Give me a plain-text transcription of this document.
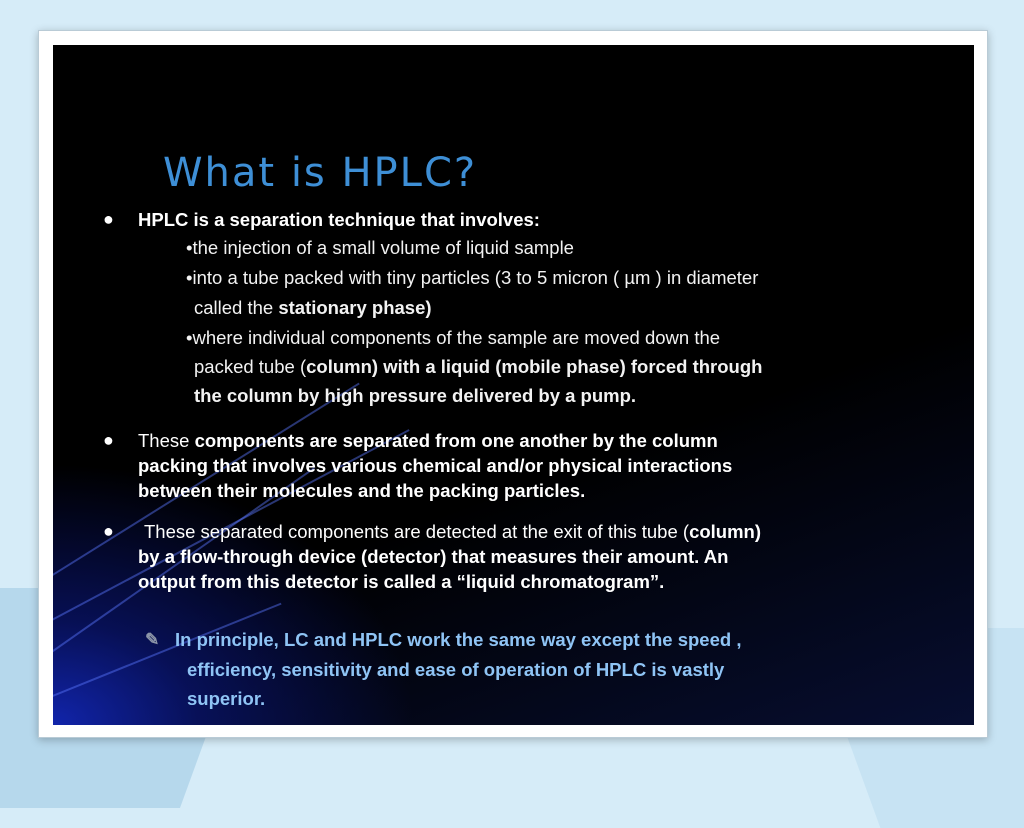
What is HPLC?
● HPLC is a separation technique that involves:
•the injection of a small volume of liquid sample
•into a tube packed with tiny particles (3 to 5 micron ( µm ) in diameter
called the stationary phase)
•where individual components of the sample are moved down the
packed tube (column) with a liquid (mobile phase) forced through
the column by high pressure delivered by a pump.
● These components are separated from one another by the column
packing that involves various chemical and/or physical interactions
between their molecules and the packing particles.
● These separated components are detected at the exit of this tube (column)
by a flow-through device (detector) that measures their amount. An
output from this detector is called a “liquid chromatogram”.
✎ In principle, LC and HPLC work the same way except the speed ,
efficiency, sensitivity and ease of operation of HPLC is vastly
superior.
